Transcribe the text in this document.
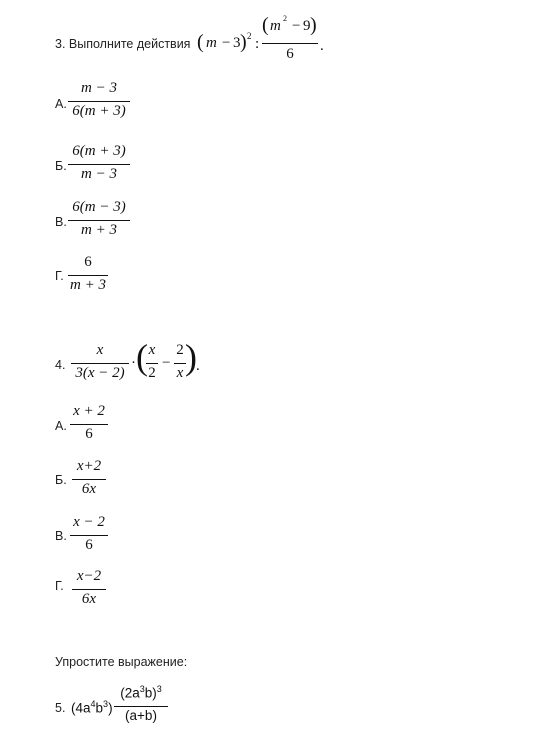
3. Выполните действия ( m − 3 ) 2 :
( m 2 − 9 )
6	.
А.
m − 3
6(m + 3)
Б.
6(m + 3)
m − 3
В.
6(m − 3)
m + 3
Г.
6
m + 3
4.
x
3(x − 2)
· ( x
2
−
2
x ) .
А.
x + 2
6
Б.
x+2
6x
В.
x − 2
6
Г.
x−2
6x
Упростите выражение:
5. $(4a^4b^3)$
$(2a^3b)^3$
(a+b)
